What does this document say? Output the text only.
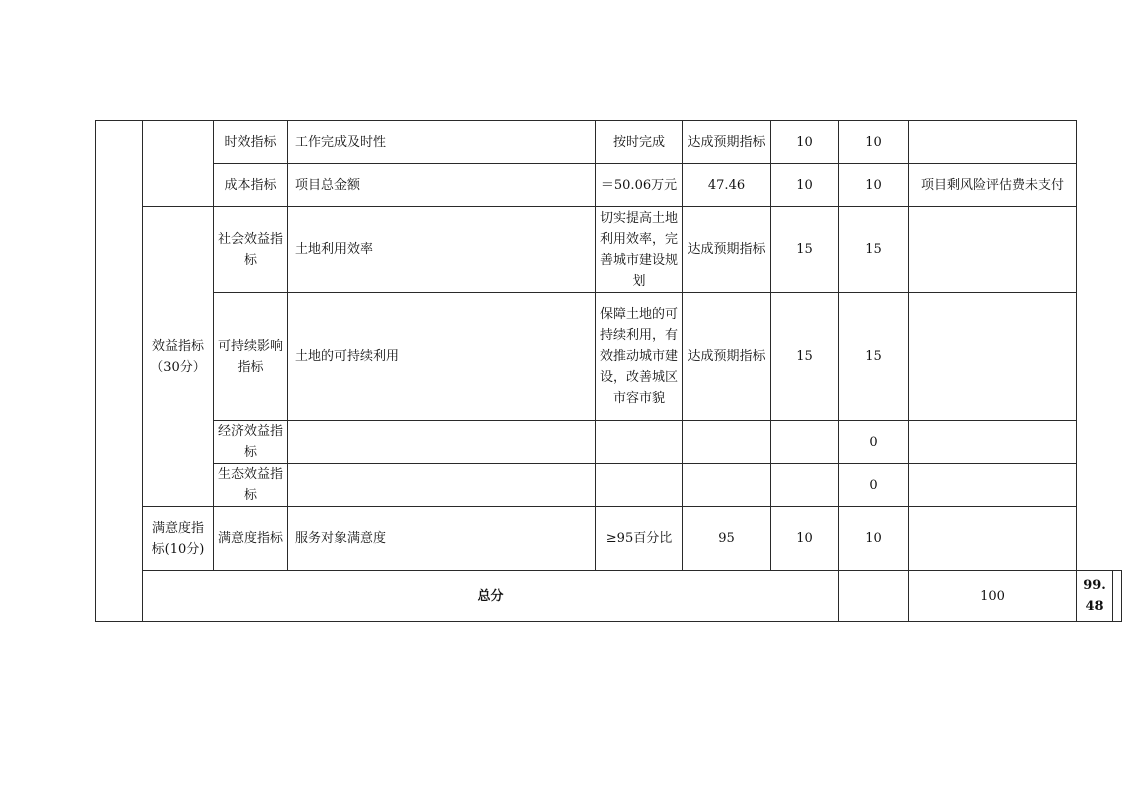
		时效指标	工作完成及时性	按时完成	达成预期指标	10	10			
		成本指标	项目总金额	＝50.06万元	47.46	10	10	项目剩风险评估费未支付		
	效益指标（30分）	社会效益指标	土地利用效率	切实提高土地利用效率，完善城市建设规划	达成预期指标	15	15			
		可持续影响指标	土地的可持续利用	保障土地的可持续利用，有效推动城市建设，改善城区市容市貌	达成预期指标	15	15			
		经济效益指标					0			
		生态效益指标					0			
	满意度指标(10分)	满意度指标	服务对象满意度	≥95百分比	95	10	10			
	总分							100	99.48	
